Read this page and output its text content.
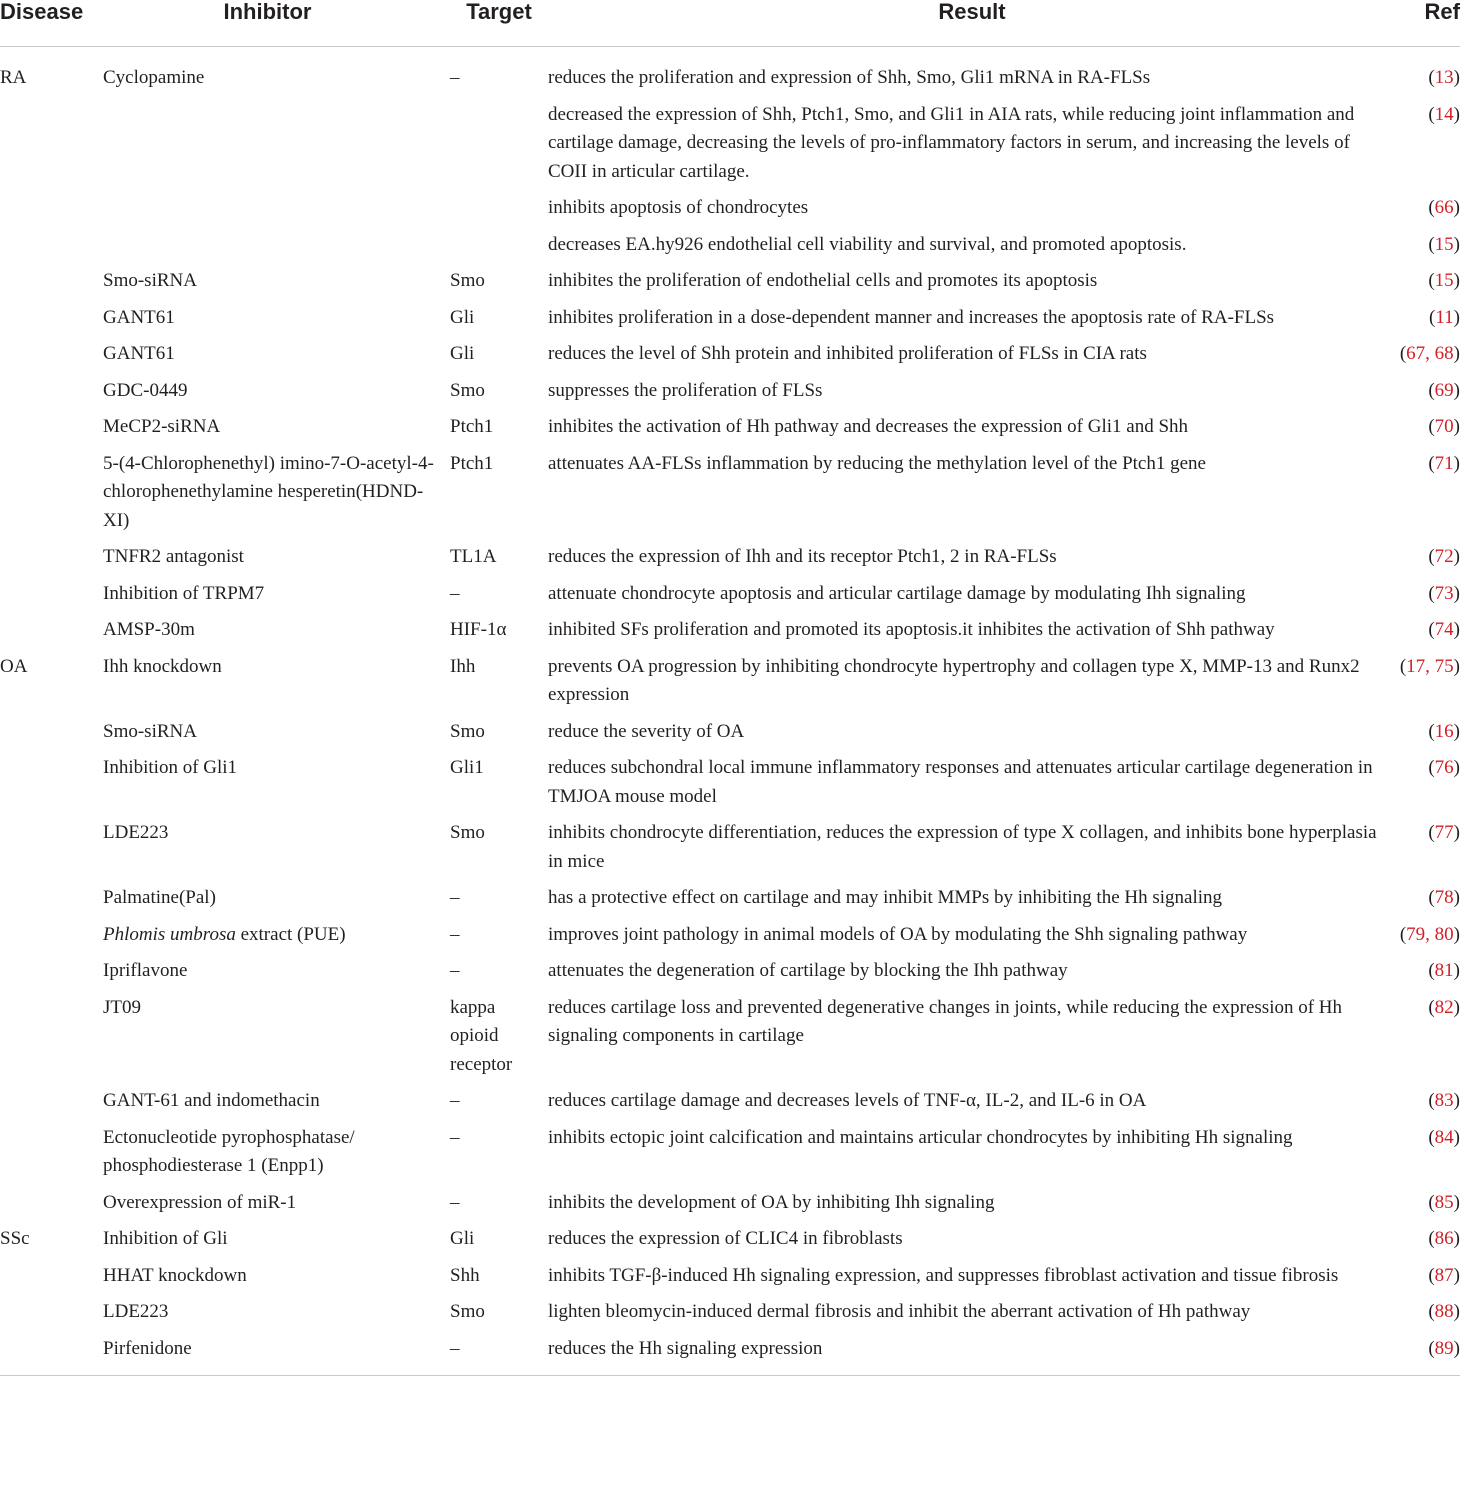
Disease	Inhibitor	Target	Result	Ref
RA	Cyclopamine	–	reduces the proliferation and expression of Shh, Smo, Gli1 mRNA in RA-FLSs	(13)
			decreased the expression of Shh, Ptch1, Smo, and Gli1 in AIA rats, while reducing joint inflammation and cartilage damage, decreasing the levels of pro-inflammatory factors in serum, and increasing the levels of COII in articular cartilage.	(14)
			inhibits apoptosis of chondrocytes	(66)
			decreases EA.hy926 endothelial cell viability and survival, and promoted apoptosis.	(15)
	Smo-siRNA	Smo	inhibites the proliferation of endothelial cells and promotes its apoptosis	(15)
	GANT61	Gli	inhibites proliferation in a dose-dependent manner and increases the apoptosis rate of RA-FLSs	(11)
	GANT61	Gli	reduces the level of Shh protein and inhibited proliferation of FLSs in CIA rats	(67, 68)
	GDC-0449	Smo	suppresses the proliferation of FLSs	(69)
	MeCP2-siRNA	Ptch1	inhibites the activation of Hh pathway and decreases the expression of Gli1 and Shh	(70)
	5-(4-Chlorophenethyl) imino-7-O-acetyl-4-chlorophenethylamine hesperetin(HDND- XI)	Ptch1	attenuates AA-FLSs inflammation by reducing the methylation level of the Ptch1 gene	(71)
	TNFR2 antagonist	TL1A	reduces the expression of Ihh and its receptor Ptch1, 2 in RA-FLSs	(72)
	Inhibition of TRPM7	–	attenuate chondrocyte apoptosis and articular cartilage damage by modulating Ihh signaling	(73)
	AMSP-30m	HIF-1α	inhibited SFs proliferation and promoted its apoptosis.it inhibites the activation of Shh pathway	(74)
OA	Ihh knockdown	Ihh	prevents OA progression by inhibiting chondrocyte hypertrophy and collagen type X, MMP-13 and Runx2 expression	(17, 75)
	Smo-siRNA	Smo	reduce the severity of OA	(16)
	Inhibition of Gli1	Gli1	reduces subchondral local immune inflammatory responses and attenuates articular cartilage degeneration in TMJOA mouse model	(76)
	LDE223	Smo	inhibits chondrocyte differentiation, reduces the expression of type X collagen, and inhibits bone hyperplasia in mice	(77)
	Palmatine(Pal)	–	has a protective effect on cartilage and may inhibit MMPs by inhibiting the Hh signaling	(78)
	Phlomis umbrosa extract (PUE)	–	improves joint pathology in animal models of OA by modulating the Shh signaling pathway	(79, 80)
	Ipriflavone	–	attenuates the degeneration of cartilage by blocking the Ihh pathway	(81)
	JT09	kappa opioid receptor	reduces cartilage loss and prevented degenerative changes in joints, while reducing the expression of Hh signaling components in cartilage	(82)
	GANT-61 and indomethacin	–	reduces cartilage damage and decreases levels of TNF-α, IL-2, and IL-6 in OA	(83)
	Ectonucleotide pyrophosphatase/ phosphodiesterase 1 (Enpp1)	–	inhibits ectopic joint calcification and maintains articular chondrocytes by inhibiting Hh signaling	(84)
	Overexpression of miR-1	–	inhibits the development of OA by inhibiting Ihh signaling	(85)
SSc	Inhibition of Gli	Gli	reduces the expression of CLIC4 in fibroblasts	(86)
	HHAT knockdown	Shh	inhibits TGF-β-induced Hh signaling expression, and suppresses fibroblast activation and tissue fibrosis	(87)
	LDE223	Smo	lighten bleomycin-induced dermal fibrosis and inhibit the aberrant activation of Hh pathway	(88)
	Pirfenidone	–	reduces the Hh signaling expression	(89)
